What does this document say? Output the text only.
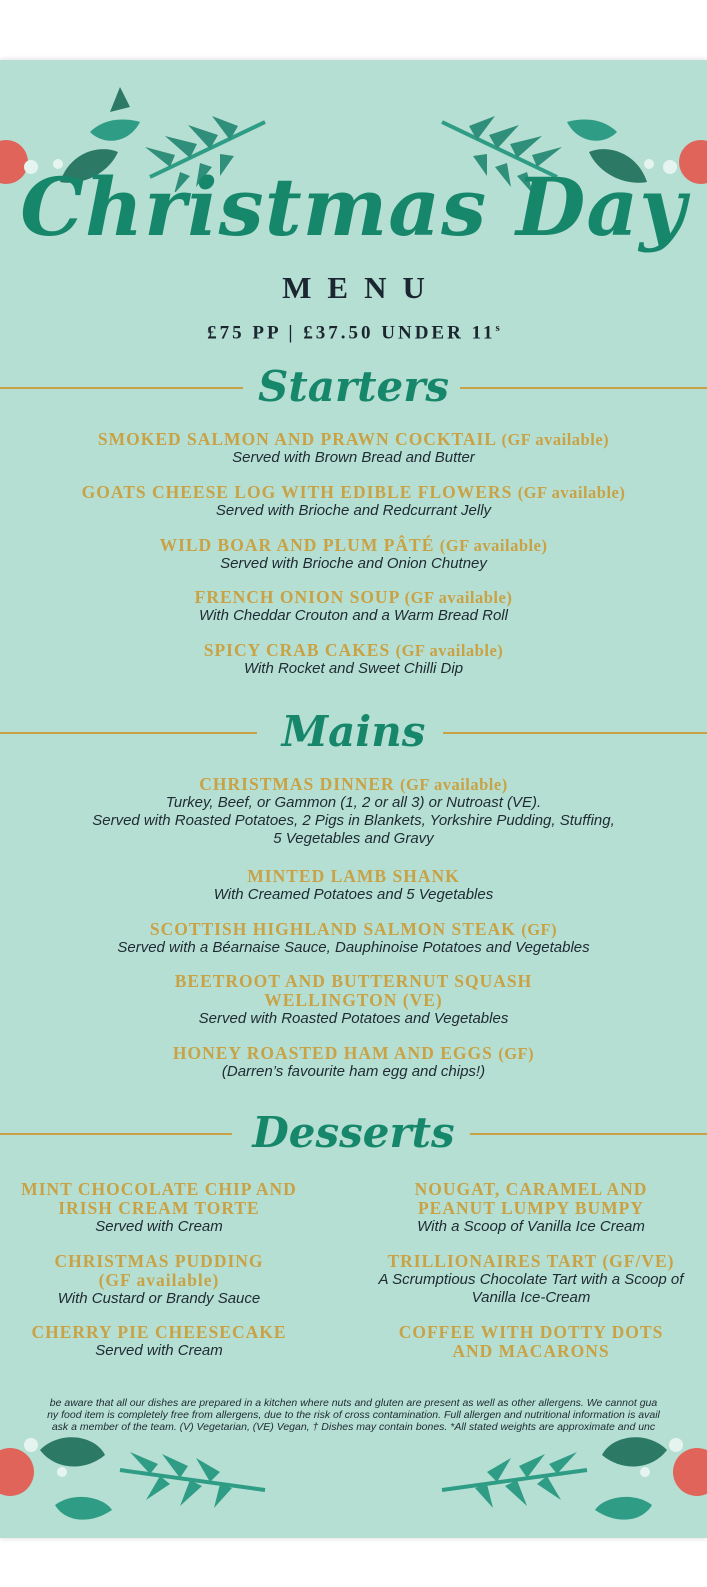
Christmas Day
MENU
£75 PP | £37.50 UNDER 11$^s$
Starters
SMOKED SALMON AND PRAWN COCKTAIL (GF available)
Served with Brown Bread and Butter
GOATS CHEESE LOG WITH EDIBLE FLOWERS (GF available)
Served with Brioche and Redcurrant Jelly
WILD BOAR AND PLUM PÂTÉ (GF available)
Served with Brioche and Onion Chutney
FRENCH ONION SOUP (GF available)
With Cheddar Crouton and a Warm Bread Roll
SPICY CRAB CAKES (GF available)
With Rocket and Sweet Chilli Dip
Mains
CHRISTMAS DINNER (GF available)
Turkey, Beef, or Gammon (1, 2 or all 3) or Nutroast (VE).
Served with Roasted Potatoes, 2 Pigs in Blankets, Yorkshire Pudding, Stuffing,
5 Vegetables and Gravy
MINTED LAMB SHANK
With Creamed Potatoes and 5 Vegetables
SCOTTISH HIGHLAND SALMON STEAK (GF)
Served with a Béarnaise Sauce, Dauphinoise Potatoes and Vegetables
BEETROOT AND BUTTERNUT SQUASH
WELLINGTON (VE)
Served with Roasted Potatoes and Vegetables
HONEY ROASTED HAM AND EGGS (GF)
(Darren’s favourite ham egg and chips!)
Desserts
MINT CHOCOLATE CHIP AND
IRISH CREAM TORTE
Served with Cream
CHRISTMAS PUDDING
(GF available)
With Custard or Brandy Sauce
CHERRY PIE CHEESECAKE
Served with Cream
NOUGAT, CARAMEL AND
PEANUT LUMPY BUMPY
With a Scoop of Vanilla Ice Cream
TRILLIONAIRES TART (GF/VE)
A Scrumptious Chocolate Tart with a Scoop of
Vanilla Ice-Cream
COFFEE WITH DOTTY DOTS
AND MACARONS
be aware that all our dishes are prepared in a kitchen where nuts and gluten are present as well as other allergens. We cannot gua
ny food item is completely free from allergens, due to the risk of cross contamination. Full allergen and nutritional information is avail
ask a member of the team. (V) Vegetarian, (VE) Vegan, † Dishes may contain bones. *All stated weights are approximate and unc
